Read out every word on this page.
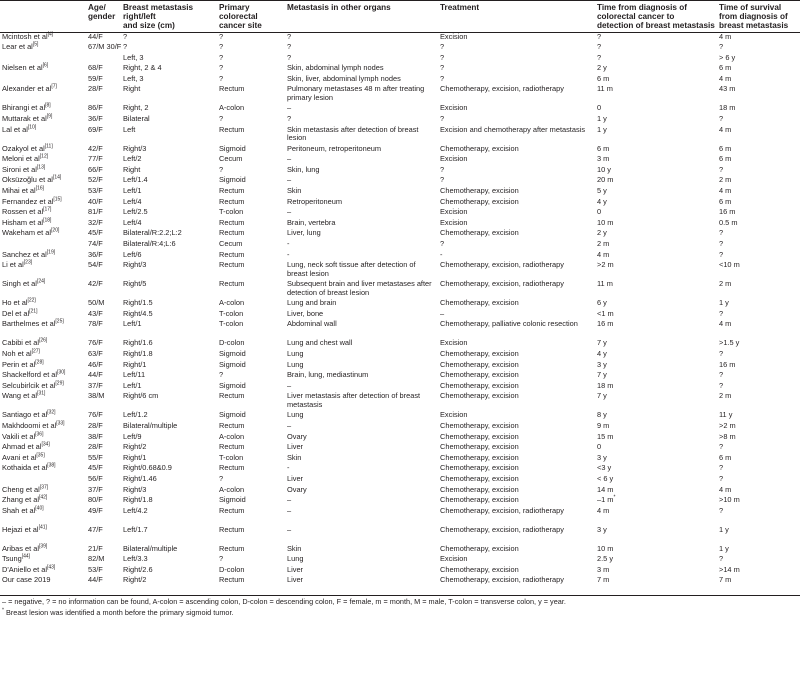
	Age/
gender	Breast metastasis
right/left
and size (cm)	Primary
colorectal
cancer site	Metastasis in other organs	Treatment	Time from diagnosis of
colorectal cancer to
detection of breast metastasis	Time of survival
from diagnosis of
breast metastasis
Mcintosh et al[4]	44/F	?	?	?	Excision	?	4 m
Lear et al[5]	67/M 30/F	?	?	?	?	?	?
		Left, 3	?	?	?	?	> 6 y
Nielsen et al[6]	68/F	Right, 2 & 4	?	Skin, abdominal lymph nodes	?	2 y	6 m
	59/F	Left, 3	?	Skin, liver, abdominal lymph nodes	?	6 m	4 m
Alexander et al[7]	28/F	Right	Rectum	Pulmonary metastases 48 m after treating primary lesion	Chemotherapy, excision, radiotherapy	11 m	43 m
Bhirangi et al[8]	86/F	Right, 2	A-colon	–	Excision	0	18 m
Muttarak et al[9]	36/F	Bilateral	?	?	?	1 y	?
Lal et al[10]	69/F	Left	Rectum	Skin metastasis after detection of breast lesion	Excision and chemotherapy after metastasis	1 y	4 m
Ozakyol et al[11]	42/F	Right/3	Sigmoid	Peritoneum, retroperitoneum	Chemotherapy, excision	6 m	6 m
Meloni et al[12]	77/F	Left/2	Cecum	–	Excision	3 m	6 m
Sironi et al[13]	66/F	Right	?	Skin, lung	?	10 y	?
Oksüzoğlu et al[14]	52/F	Left/1.4	Sigmoid	–	?	20 m	2 m
Mihai et al[16]	53/F	Left/1	Rectum	Skin	Chemotherapy, excision	5 y	4 m
Fernandez et al[15]	40/F	Left/4	Rectum	Retroperitoneum	Chemotherapy, excision	4 y	6 m
Rossen et al[17]	81/F	Left/2.5	T-colon	–	Excision	0	16 m
Hisham et al[18]	32/F	Left/4	Rectum	Brain, vertebra	Excision	10 m	0.5 m
Wakeham et al[20]	45/F	Bilateral/R:2.2;L:2	Rectum	Liver, lung	Chemotherapy, excision	2 y	?
	74/F	Bilateral/R:4;L:6	Cecum	-	?	2 m	?
Sanchez et al[19]	36/F	Left/6	Rectum	-	-	4 m	?
Li et al[23]	54/F	Right/3	Rectum	Lung, neck soft tissue after detection of breast lesion	Chemotherapy, excision, radiotherapy	>2 m	<10 m
Singh et al[24]	42/F	Right/5	Rectum	Subsequent brain and liver metastases after detection of breast lesion	Chemotherapy, excision, radiotherapy	11 m	2 m
Ho et al[22]	50/M	Right/1.5	A-colon	Lung and brain	Chemotherapy, excision	6 y	1 y
Del et al[21]	43/F	Right/4.5	T-colon	Liver, bone	–	<1 m	?
Barthelmes et al[25]	78/F	Left/1	T-colon	Abdominal wall	Chemotherapy, palliative colonic resection	16 m	4 m
Cabibi et al[26]	76/F	Right/1.6	D-colon	Lung and chest wall	Excision	7 y	>1.5 y
Noh et al[27]	63/F	Right/1.8	Sigmoid	Lung	Chemotherapy, excision	4 y	?
Perin et al[28]	46/F	Right/1	Sigmoid	Lung	Chemotherapy, excision	3 y	16 m
Shackelford et al[30]	44/F	Left/11	?	Brain, lung, mediastinum	Chemotherapy, excision	7 y	?
Selcubirlcik et al[29]	37/F	Left/1	Sigmoid	–	Chemotherapy, excision	18 m	?
Wang et al[31]	38/M	Right/6 cm	Rectum	Liver metastasis after detection of breast metastasis	Chemotherapy, excision	7 y	2 m
Santiago et al[32]	76/F	Left/1.2	Sigmoid	Lung	Excision	8 y	11 y
Makhdoomi et al[33]	28/F	Bilateral/multiple	Rectum	–	Chemotherapy, excision	9 m	>2 m
Vakili et al[36]	38/F	Left/9	A-colon	Ovary	Chemotherapy, excision	15 m	>8 m
Ahmad et al[34]	28/F	Right/2	Rectum	Liver	Chemotherapy, excision	0	?
Avani et al[35]	55/F	Right/1	T-colon	Skin	Chemotherapy, excision	3 y	6 m
Kothaida et al[38]	45/F	Right/0.68&0.9	Rectum	-	Chemotherapy, excision	<3 y	?
	56/F	Right/1.46	?	Liver	Chemotherapy, excision	< 6 y	?
Cheng et al[37]	37/F	Right/3	A-colon	Ovary	Chemotherapy, excision	14 m	4 m
Zhang et al[42]	80/F	Right/1.8	Sigmoid	–	Chemotherapy, excision	–1 m*	>10 m
Shah et al[40]	49/F	Left/4.2	Rectum	–	Chemotherapy, excision, radiotherapy	4 m	?
Hejazi et al[41]	47/F	Left/1.7	Rectum	–	Chemotherapy, excision, radiotherapy	3 y	1 y
Aribas et al[39]	21/F	Bilateral/multiple	Rectum	Skin	Chemotherapy, excision	10 m	1 y
Tsung[44]	82/M	Left/3.3	?	Lung	Excision	2.5 y	?
D'Aniello et al[43]	53/F	Right/2.6	D-colon	Liver	Chemotherapy, excision	3 m	>14 m
Our case 2019	44/F	Right/2	Rectum	Liver	Chemotherapy, excision, radiotherapy	7 m	7 m
– = negative, ? = no information can be found, A-colon = ascending colon, D-colon = descending colon, F = female, m = month, M = male, T-colon = transverse colon, y = year.
* Breast lesion was identified a month before the primary sigmoid tumor.
